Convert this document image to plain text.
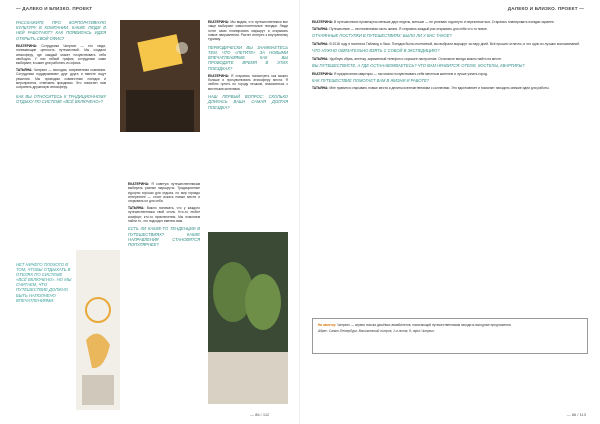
— ДАЛЕКО И БЛИЗКО. ПРОЕКТ
РАССКАЖИТЕ ПРО КОРПОРАТИВНУЮ КУЛЬТУРУ В КОМПАНИИ. КАКИЕ ЛЮДИ В НЕЙ РАБОТАЮТ? КАК ПОЯВИЛАСЬ ИДЕЯ ОТКРЫТЬ СВОЙ ОФИС?
ЕКАТЕРИНА: Сотрудники Чипрэил — это люди, понимающие ценность путешествий. Мы создали атмосферу, где каждый может почувствовать себя свободно. У нас гибкий график, сотрудники сами выбирают, в какие дни работать из офиса.
ТАТЬЯНА: Чипрэил — молодая, современная компания. Сотрудники поддерживают друг друга и вместе ищут решения. Мы проводим совместные поездки и мероприятия, отмечаем праздники. Это помогает нам сохранять дружескую атмосферу.
КАК ВЫ ОТНОСИТЕСЬ К ТРАДИЦИОННОМУ ОТДЫХУ ПО СИСТЕМЕ «ВСЁ ВКЛЮЧЕНО»?
НЕТ НИЧЕГО ПЛОХОГО В ТОМ, ЧТОБЫ ОТДЫХАТЬ В ОТЕЛЯХ ПО СИСТЕМЕ «ВСЁ ВКЛЮЧЕНО». НО МЫ СЧИТАЕМ, ЧТО ПУТЕШЕСТВИЕ ДОЛЖНО БЫТЬ НАПОЛНЕНО ВПЕЧАТЛЕНИЯМИ.
ЕКАТЕРИНА: Я советую путешественникам выбирать разные маршруты. Традиционные курорты хороши для отдыха, но мир гораздо интереснее — стоит искать новые места и открывать их для себя.
ТАТЬЯНА: Важно понимать, что у каждого путешественника свой стиль. Кто-то любит комфорт, кто-то приключения. Мы помогаем найти то, что подходит именно вам.
ЕСТЬ ЛИ КАКИЕ-ТО ТЕНДЕНЦИИ В ПУТЕШЕСТВИЯХ? КАКИЕ НАПРАВЛЕНИЯ СТАНОВЯТСЯ ПОПУЛЯРНЕЕ?
ЕКАТЕРИНА: Мы видим, что путешественники все чаще выбирают самостоятельные поездки. Люди хотят сами планировать маршрут и открывать новые направления. Растет интерес к внутреннему туризму.
ПЕРИОДИЧЕСКИ ВЫ ЗАНИМАЕТЕСЬ ТЕМ, ЧТО «ЛЕТИТЕ» ЗА НОВЫМИ ВПЕЧАТЛЕНИЯМИ. КАК ВЫ ПРОВОДИТЕ ВРЕМЯ В ЭТИХ ПОЕЗДКАХ?
ЕКАТЕРИНА: Я стараюсь посмотреть как можно больше и прочувствовать атмосферу места. Я люблю гулять по городу пешком, знакомиться с местными жителями.
НАШ ПЕРВЫЙ ВОПРОС: СКОЛЬКО ДЛИЛАСЬ ВАША САМАЯ ДОЛГАЯ ПОЕЗДКА?
— 86 / 112
ДАЛЕКО И БЛИЗКО. ПРОЕКТ —
ЕКАТЕРИНА: В путешествиях промежуток меньше двух недель, меньше — не успеваю отдохнуть и переключиться. Стараюсь планировать поездки заранее.
ТАТЬЯНА: Путешествие — неотъемлемая часть жизни. Я стараюсь каждый раз открывать для себя что-то новое.
ОТЧАЯННЫЕ ПОСТУПКИ В ПУТЕШЕСТВИЯХ: БЫЛО ЛИ У ВАС ТАКОЕ?
ТАТЬЯНА: В 2018 году я посетила Тайланд и Лаос. Поездка была спонтанной, мы выбрали маршрут за пару дней. Всё прошло отлично, и это одно из лучших воспоминаний.
ЧТО НУЖНО ОБЯЗАТЕЛЬНО ВЗЯТЬ С СОБОЙ В ЭКСПЕДИЦИЮ?
ТАТЬЯНА: Удобную обувь, аптечку, заряженный телефон и хорошее настроение. Остальное всегда можно найти на месте.
ВЫ ПУТЕШЕСТВУЕТЕ, А ГДЕ ОСТАНАВЛИВАЕТЕСЬ? ЧТО ВАМ НРАВИТСЯ: ОТЕЛИ, ХОСТЕЛЫ, КВАРТИРЫ?
ЕКАТЕРИНА: Я предпочитаю квартиры — так можно почувствовать себя местным жителем и лучше узнать город.
КАК ПУТЕШЕСТВИЕ ПОМОГАЕТ ВАМ В ЖИЗНИ И РАБОТЕ?
ТАТЬЯНА: Мне нравится открывать новые места и делиться впечатлениями с коллегами. Это вдохновляет и помогает находить свежие идеи для работы.
На заметку: Чипрэил — сервис поиска дешёвых авиабилетов, помогающий путешественникам находить выгодные предложения.
Адрес: Санкт-Петербург, Васильевский остров, 1-я линия, 8, офис Чипрэил.
— 86 / 113
